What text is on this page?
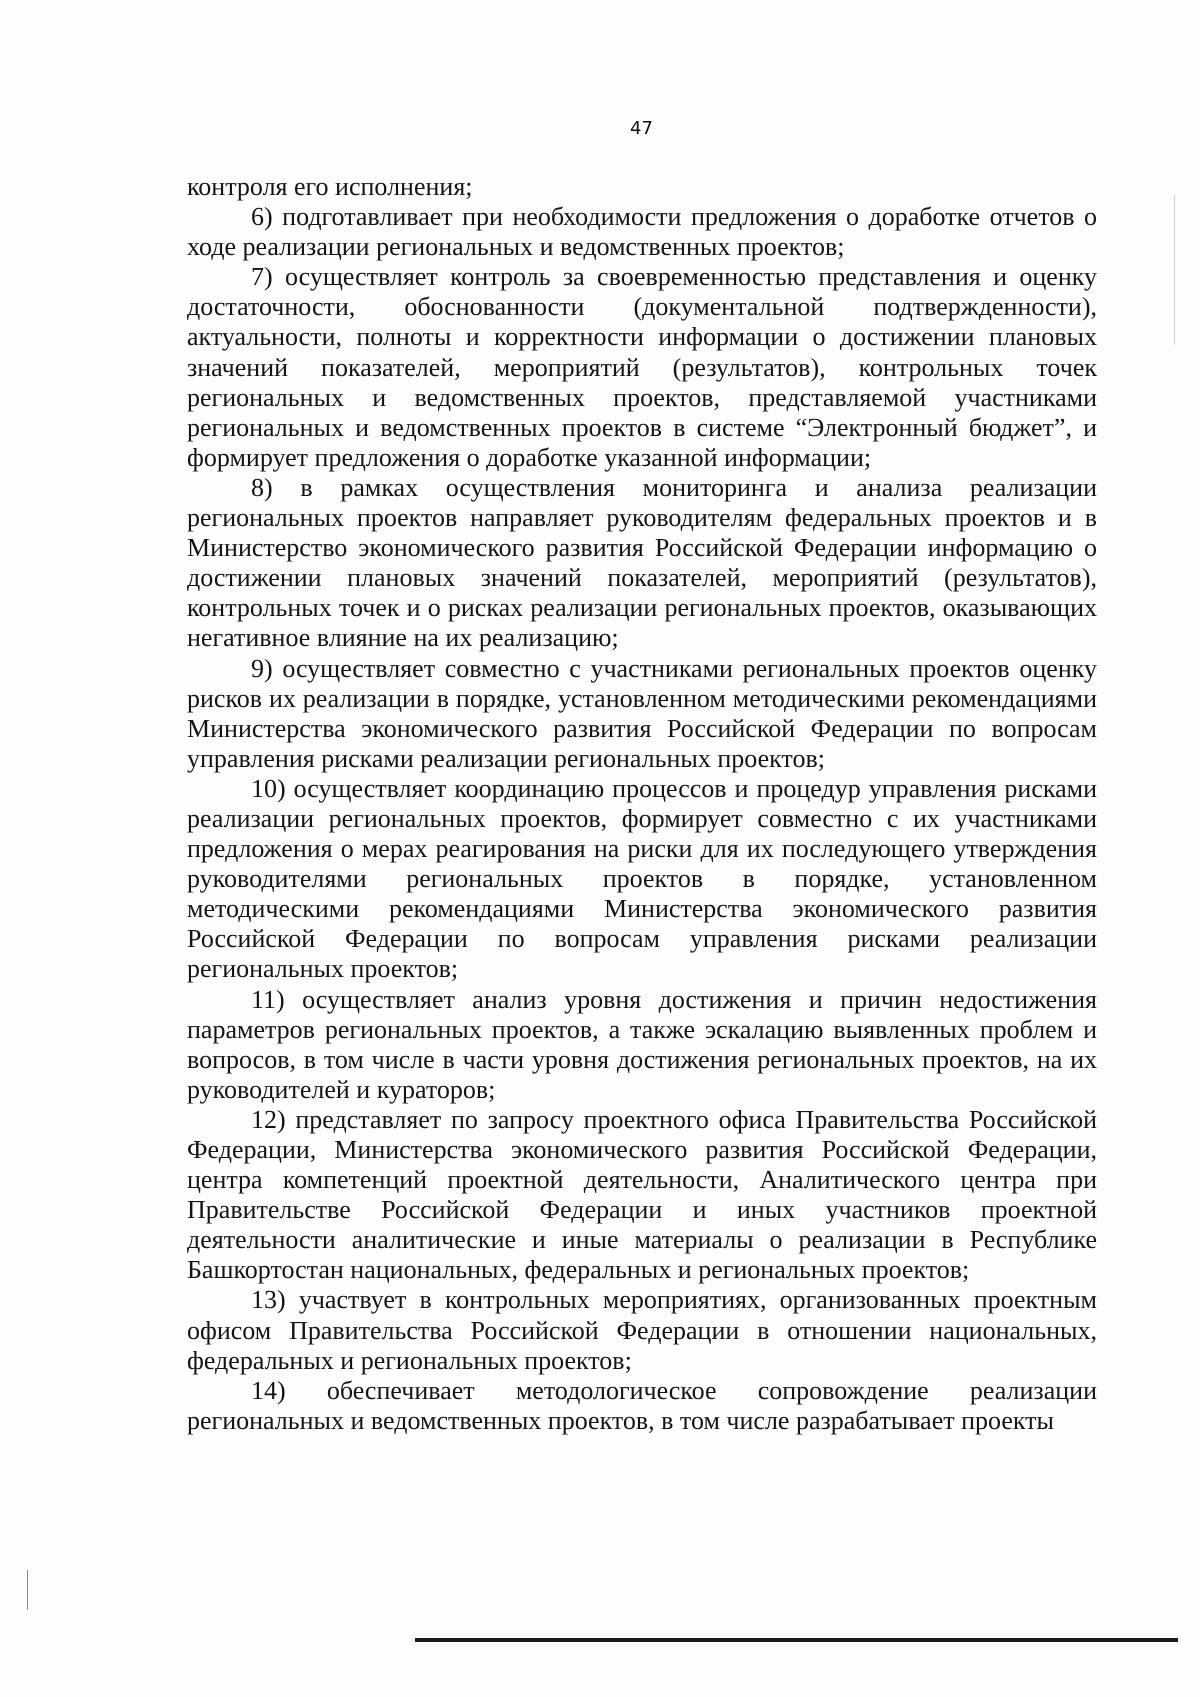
47

контроля его исполнения;

6) подготавливает при необходимости предложения о доработке отчетов о ходе реализации региональных и ведомственных проектов;

7) осуществляет контроль за своевременностью представления и оценку достаточности, обоснованности (документальной подтвержденности), актуальности, полноты и корректности информации о достижении плановых значений показателей, мероприятий (результатов), контрольных точек региональных и ведомственных проектов, представляемой участниками региональных и ведомственных проектов в системе “Электронный бюджет”, и формирует предложения о доработке указанной информации;

8) в рамках осуществления мониторинга и анализа реализации региональных проектов направляет руководителям федеральных проектов и в Министерство экономического развития Российской Федерации информацию о достижении плановых значений показателей, мероприятий (результатов), контрольных точек и о рисках реализации региональных проектов, оказывающих негативное влияние на их реализацию;

9) осуществляет совместно с участниками региональных проектов оценку рисков их реализации в порядке, установленном методическими рекомендациями Министерства экономического развития Российской Федерации по вопросам управления рисками реализации региональных проектов;

10) осуществляет координацию процессов и процедур управления рисками реализации региональных проектов, формирует совместно с их участниками предложения о мерах реагирования на риски для их последующего утверждения руководителями региональных проектов в порядке, установленном методическими рекомендациями Министерства экономического развития Российской Федерации по вопросам управления рисками реализации региональных проектов;

11) осуществляет анализ уровня достижения и причин недостижения параметров региональных проектов, а также эскалацию выявленных проблем и вопросов, в том числе в части уровня достижения региональных проектов, на их руководителей и кураторов;

12) представляет по запросу проектного офиса Правительства Российской Федерации, Министерства экономического развития Российской Федерации, центра компетенций проектной деятельности, Аналитического центра при Правительстве Российской Федерации и иных участников проектной деятельности аналитические и иные материалы о реализации в Республике Башкортостан национальных, федеральных и региональных проектов;

13) участвует в контрольных мероприятиях, организованных проектным офисом Правительства Российской Федерации в отношении национальных, федеральных и региональных проектов;

14) обеспечивает методологическое сопровождение реализации региональных и ведомственных проектов, в том числе разрабатывает проекты
